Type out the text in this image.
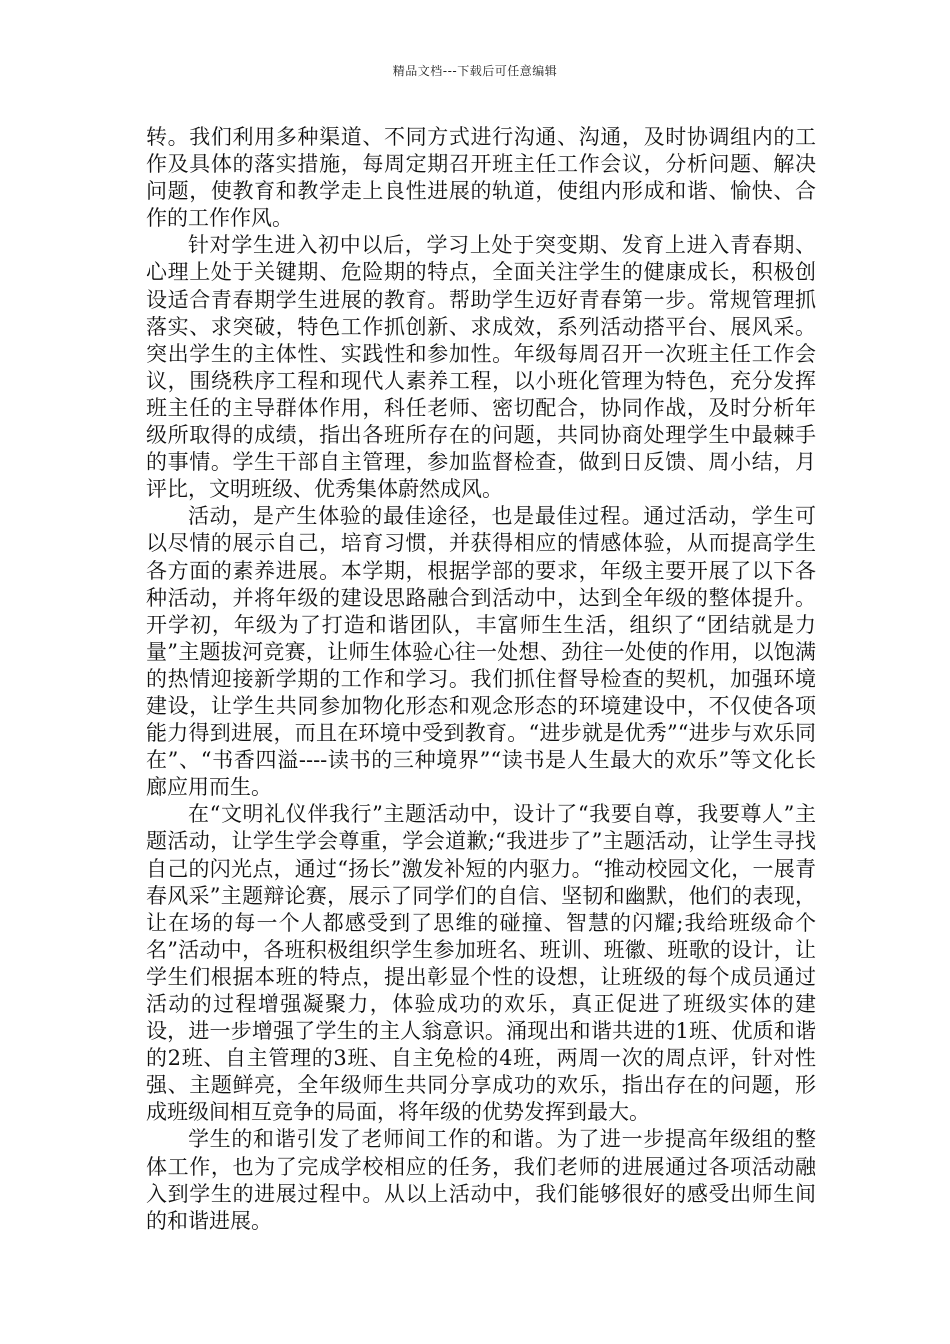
精品文档---下载后可任意编辑

转。我们利用多种渠道、不同方式进行沟通、沟通，及时协调组内的工作及具体的落实措施，每周定期召开班主任工作会议，分析问题、解决问题，使教育和教学走上良性进展的轨道，使组内形成和谐、愉快、合作的工作作风。

针对学生进入初中以后，学习上处于突变期、发育上进入青春期、心理上处于关键期、危险期的特点，全面关注学生的健康成长，积极创设适合青春期学生进展的教育。帮助学生迈好青春第一步。常规管理抓落实、求突破，特色工作抓创新、求成效，系列活动搭平台、展风采。突出学生的主体性、实践性和参加性。年级每周召开一次班主任工作会议，围绕秩序工程和现代人素养工程，以小班化管理为特色，充分发挥班主任的主导群体作用，科任老师、密切配合，协同作战，及时分析年级所取得的成绩，指出各班所存在的问题，共同协商处理学生中最棘手的事情。学生干部自主管理，参加监督检查，做到日反馈、周小结，月评比，文明班级、优秀集体蔚然成风。

活动，是产生体验的最佳途径，也是最佳过程。通过活动，学生可以尽情的展示自己，培育习惯，并获得相应的情感体验，从而提高学生各方面的素养进展。本学期，根据学部的要求，年级主要开展了以下各种活动，并将年级的建设思路融合到活动中，达到全年级的整体提升。开学初，年级为了打造和谐团队，丰富师生生活，组织了“团结就是力量”主题拔河竞赛，让师生体验心往一处想、劲往一处使的作用，以饱满的热情迎接新学期的工作和学习。我们抓住督导检查的契机，加强环境建设，让学生共同参加物化形态和观念形态的环境建设中，不仅使各项能力得到进展，而且在环境中受到教育。“进步就是优秀”“进步与欢乐同在”、“书香四溢----读书的三种境界”“读书是人生最大的欢乐”等文化长廊应用而生。

在“文明礼仪伴我行”主题活动中，设计了“我要自尊，我要尊人”主题活动，让学生学会尊重，学会道歉;“我进步了”主题活动，让学生寻找自己的闪光点，通过“扬长”激发补短的内驱力。“推动校园文化，一展青春风采”主题辩论赛，展示了同学们的自信、坚韧和幽默，他们的表现，让在场的每一个人都感受到了思维的碰撞、智慧的闪耀;我给班级命个名”活动中，各班积极组织学生参加班名、班训、班徽、班歌的设计，让学生们根据本班的特点，提出彰显个性的设想，让班级的每个成员通过活动的过程增强凝聚力，体验成功的欢乐，真正促进了班级实体的建设，进一步增强了学生的主人翁意识。涌现出和谐共进的1班、优质和谐的2班、自主管理的3班、自主免检的4班，两周一次的周点评，针对性强、主题鲜亮，全年级师生共同分享成功的欢乐，指出存在的问题，形成班级间相互竞争的局面，将年级的优势发挥到最大。

学生的和谐引发了老师间工作的和谐。为了进一步提高年级组的整体工作，也为了完成学校相应的任务，我们老师的进展通过各项活动融入到学生的进展过程中。从以上活动中，我们能够很好的感受出师生间的和谐进展。
